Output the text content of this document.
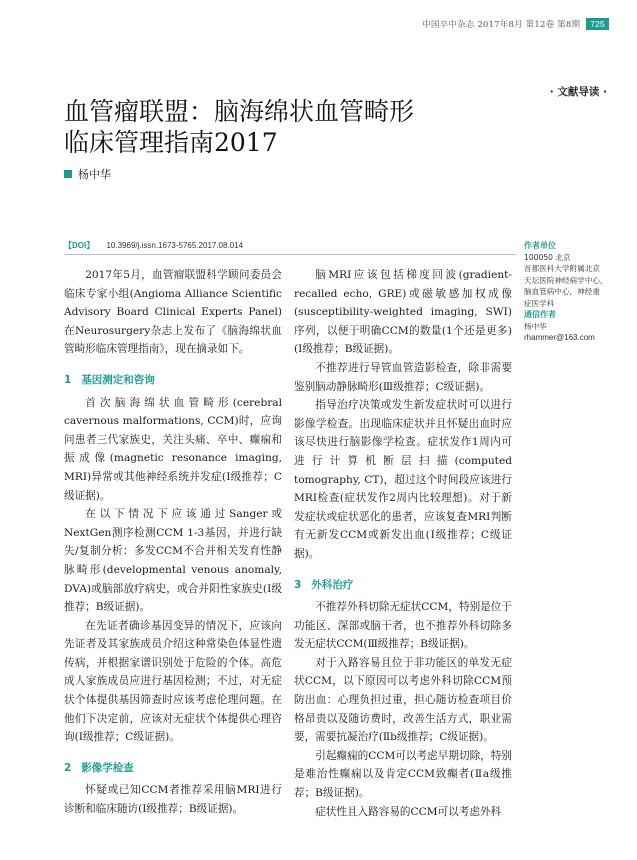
中国卒中杂志 2017年8月 第12卷 第8期	725
· 文献导读 ·
血管瘤联盟：脑海绵状血管畸形
临床管理指南2017
杨中华
【DOI】 10.3969/j.issn.1673-5765.2017.08.014

2017年5月，血管瘤联盟科学顾问委员会临床专家小组(Angioma Alliance Scientific Advisory Board Clinical Experts Panel)在Neurosurgery杂志上发布了《脑海绵状血管畸形临床管理指南》，现在摘录如下。

1 基因测定和咨询

首次脑海绵状血管畸形(cerebral cavernous malformations, CCM)时，应询问患者三代家族史，关注头痛、卒中、癫痫和振成像(magnetic resonance imaging, MRI)异常或其他神经系统并发症(Ⅰ级推荐；C级证据)。

在以下情况下应该通过Sanger或NextGen测序检测CCM 1-3基因，并进行缺失/复制分析：多发CCM不合并相关发育性静脉畸形(developmental venous anomaly, DVA)或脑部放疗病史，或合并阳性家族史(Ⅰ级推荐；B级证据)。

在先证者确诊基因变异的情况下，应该向先证者及其家族成员介绍这种常染色体显性遗传病，并根据家谱识别处于危险的个体。高危成人家族成员应进行基因检测；不过，对无症状个体提供基因筛查时应该考虑伦理问题。在他们下决定前，应该对无症状个体提供心理咨询(Ⅰ级推荐；C级证据)。

2 影像学检查

怀疑或已知CCM者推荐采用脑MRI进行诊断和临床随访(Ⅰ级推荐；B级证据)。

脑MRI应该包括梯度回波(gradient-recalled echo, GRE)或磁敏感加权成像(susceptibility-weighted imaging, SWI)序列，以便于明确CCM的数量(1个还是更多)(Ⅰ级推荐；B级证据)。

不推荐进行导管血管造影检查，除非需要鉴别脑动静脉畸形(Ⅲ级推荐；C级证据)。

指导治疗决策或发生新发症状时可以进行影像学检查。出现临床症状并且怀疑出血时应该尽快进行脑影像学检查。症状发作1周内可进行计算机断层扫描(computed tomography, CT)，超过这个时间段应该进行MRI检查(症状发作2周内比较理想)。对于新发症状或症状恶化的患者，应该复查MRI判断有无新发CCM或新发出血(Ⅰ级推荐；C级证据)。

3 外科治疗

不推荐外科切除无症状CCM，特别是位于功能区、深部或脑干者，也不推荐外科切除多发无症状CCM(Ⅲ级推荐；B级证据)。

对于入路容易且位于非功能区的单发无症状CCM，以下原因可以考虑外科切除CCM预防出血：心理负担过重，担心随访检查项目价格昂贵以及随访费时，改善生活方式，职业需要，需要抗凝治疗(Ⅱb级推荐；C级证据)。

引起癫痫的CCM可以考虑早期切除，特别是难治性癫痫以及肯定CCM致癫者(Ⅱa级推荐；B级证据)。

症状性且入路容易的CCM可以考虑外科

作者单位
100050 北京
首都医科大学附属北京
天坛医院神经病学中心，
脑血管病中心，神经重
症医学科
通信作者
杨中华
rhammer@163.com
